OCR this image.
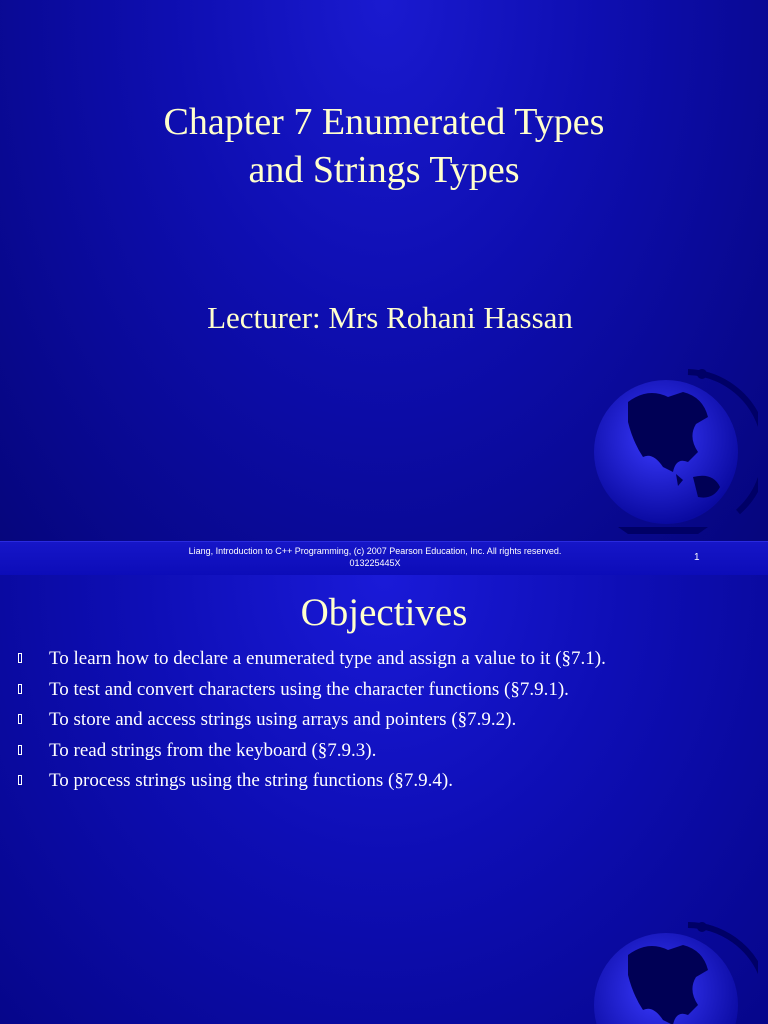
Chapter 7 Enumerated Types
and Strings Types
Lecturer: Mrs Rohani Hassan
Liang, Introduction to C++ Programming, (c) 2007 Pearson Education, Inc. All rights reserved.
013225445X	1
Objectives
To learn how to declare a enumerated type and assign a value to it (§7.1).
To test and convert characters using the character functions (§7.9.1).
To store and access strings using arrays and pointers (§7.9.2).
To read strings from the keyboard (§7.9.3).
To process strings using the string functions (§7.9.4).
